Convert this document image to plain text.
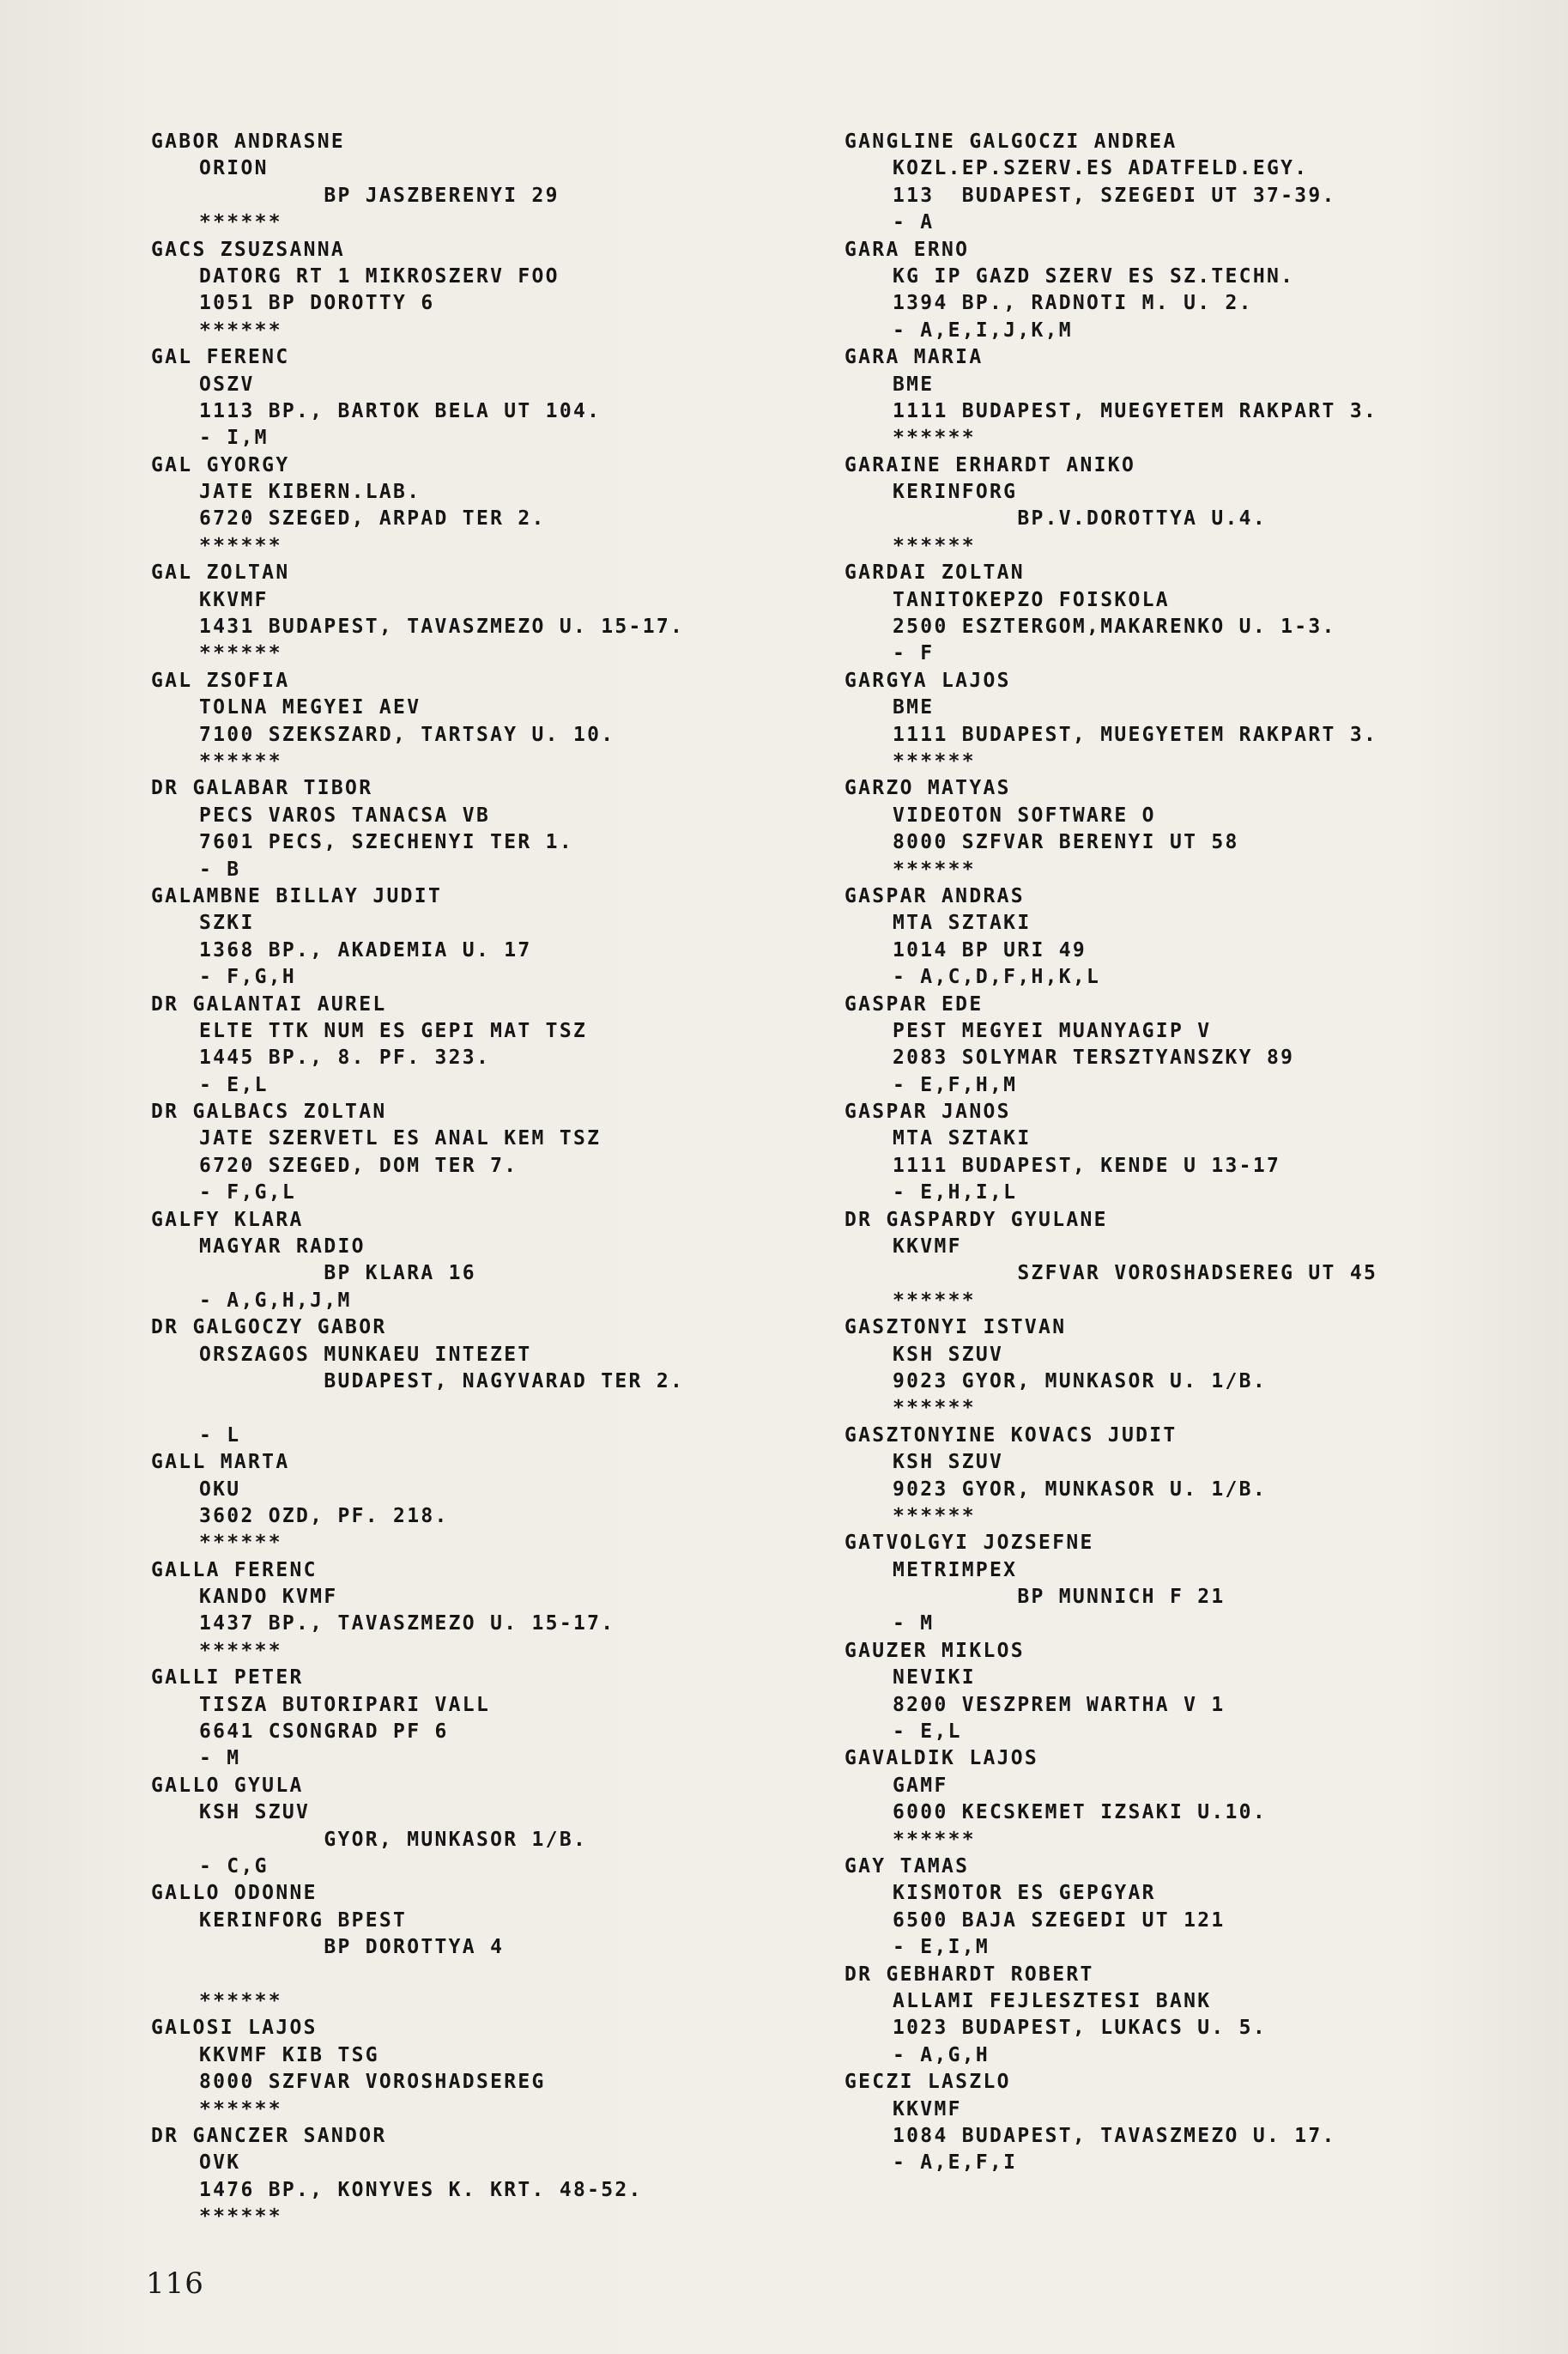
GABOR ANDRASNE
ORION
BP JASZBERENYI 29
******
GACS ZSUZSANNA
DATORG RT 1 MIKROSZERV FOO
1051 BP DOROTTY 6
******
GAL FERENC
OSZV
1113 BP., BARTOK BELA UT 104.
- I,M
GAL GYORGY
JATE KIBERN.LAB.
6720 SZEGED, ARPAD TER 2.
******
GAL ZOLTAN
KKVMF
1431 BUDAPEST, TAVASZMEZO U. 15-17.
******
GAL ZSOFIA
TOLNA MEGYEI AEV
7100 SZEKSZARD, TARTSAY U. 10.
******
DR GALABAR TIBOR
PECS VAROS TANACSA VB
7601 PECS, SZECHENYI TER 1.
- B
GALAMBNE BILLAY JUDIT
SZKI
1368 BP., AKADEMIA U. 17
- F,G,H
DR GALANTAI AUREL
ELTE TTK NUM ES GEPI MAT TSZ
1445 BP., 8. PF. 323.
- E,L
DR GALBACS ZOLTAN
JATE SZERVETL ES ANAL KEM TSZ
6720 SZEGED, DOM TER 7.
- F,G,L
GALFY KLARA
MAGYAR RADIO
BP KLARA 16
- A,G,H,J,M
DR GALGOCZY GABOR
ORSZAGOS MUNKAEU INTEZET
BUDAPEST, NAGYVARAD TER 2.
- L
GALL MARTA
OKU
3602 OZD, PF. 218.
******
GALLA FERENC
KANDO KVMF
1437 BP., TAVASZMEZO U. 15-17.
******
GALLI PETER
TISZA BUTORIPARI VALL
6641 CSONGRAD PF 6
- M
GALLO GYULA
KSH SZUV
GYOR, MUNKASOR 1/B.
- C,G
GALLO ODONNE
KERINFORG BPEST
BP DOROTTYA 4
******
GALOSI LAJOS
KKVMF KIB TSG
8000 SZFVAR VOROSHADSEREG
******
DR GANCZER SANDOR
OVK
1476 BP., KONYVES K. KRT. 48-52.
******
GANGLINE GALGOCZI ANDREA
KOZL.EP.SZERV.ES ADATFELD.EGY.
113  BUDAPEST, SZEGEDI UT 37-39.
- A
GARA ERNO
KG IP GAZD SZERV ES SZ.TECHN.
1394 BP., RADNOTI M. U. 2.
- A,E,I,J,K,M
GARA MARIA
BME
1111 BUDAPEST, MUEGYETEM RAKPART 3.
******
GARAINE ERHARDT ANIKO
KERINFORG
BP.V.DOROTTYA U.4.
******
GARDAI ZOLTAN
TANITOKEPZO FOISKOLA
2500 ESZTERGOM,MAKARENKO U. 1-3.
- F
GARGYA LAJOS
BME
1111 BUDAPEST, MUEGYETEM RAKPART 3.
******
GARZO MATYAS
VIDEOTON SOFTWARE O
8000 SZFVAR BERENYI UT 58
******
GASPAR ANDRAS
MTA SZTAKI
1014 BP URI 49
- A,C,D,F,H,K,L
GASPAR EDE
PEST MEGYEI MUANYAGIP V
2083 SOLYMAR TERSZTYANSZKY 89
- E,F,H,M
GASPAR JANOS
MTA SZTAKI
1111 BUDAPEST, KENDE U 13-17
- E,H,I,L
DR GASPARDY GYULANE
KKVMF
SZFVAR VOROSHADSEREG UT 45
******
GASZTONYI ISTVAN
KSH SZUV
9023 GYOR, MUNKASOR U. 1/B.
******
GASZTONYINE KOVACS JUDIT
KSH SZUV
9023 GYOR, MUNKASOR U. 1/B.
******
GATVOLGYI JOZSEFNE
METRIMPEX
BP MUNNICH F 21
- M
GAUZER MIKLOS
NEVIKI
8200 VESZPREM WARTHA V 1
- E,L
GAVALDIK LAJOS
GAMF
6000 KECSKEMET IZSAKI U.10.
******
GAY TAMAS
KISMOTOR ES GEPGYAR
6500 BAJA SZEGEDI UT 121
- E,I,M
DR GEBHARDT ROBERT
ALLAMI FEJLESZTESI BANK
1023 BUDAPEST, LUKACS U. 5.
- A,G,H
GECZI LASZLO
KKVMF
1084 BUDAPEST, TAVASZMEZO U. 17.
- A,E,F,I
116
